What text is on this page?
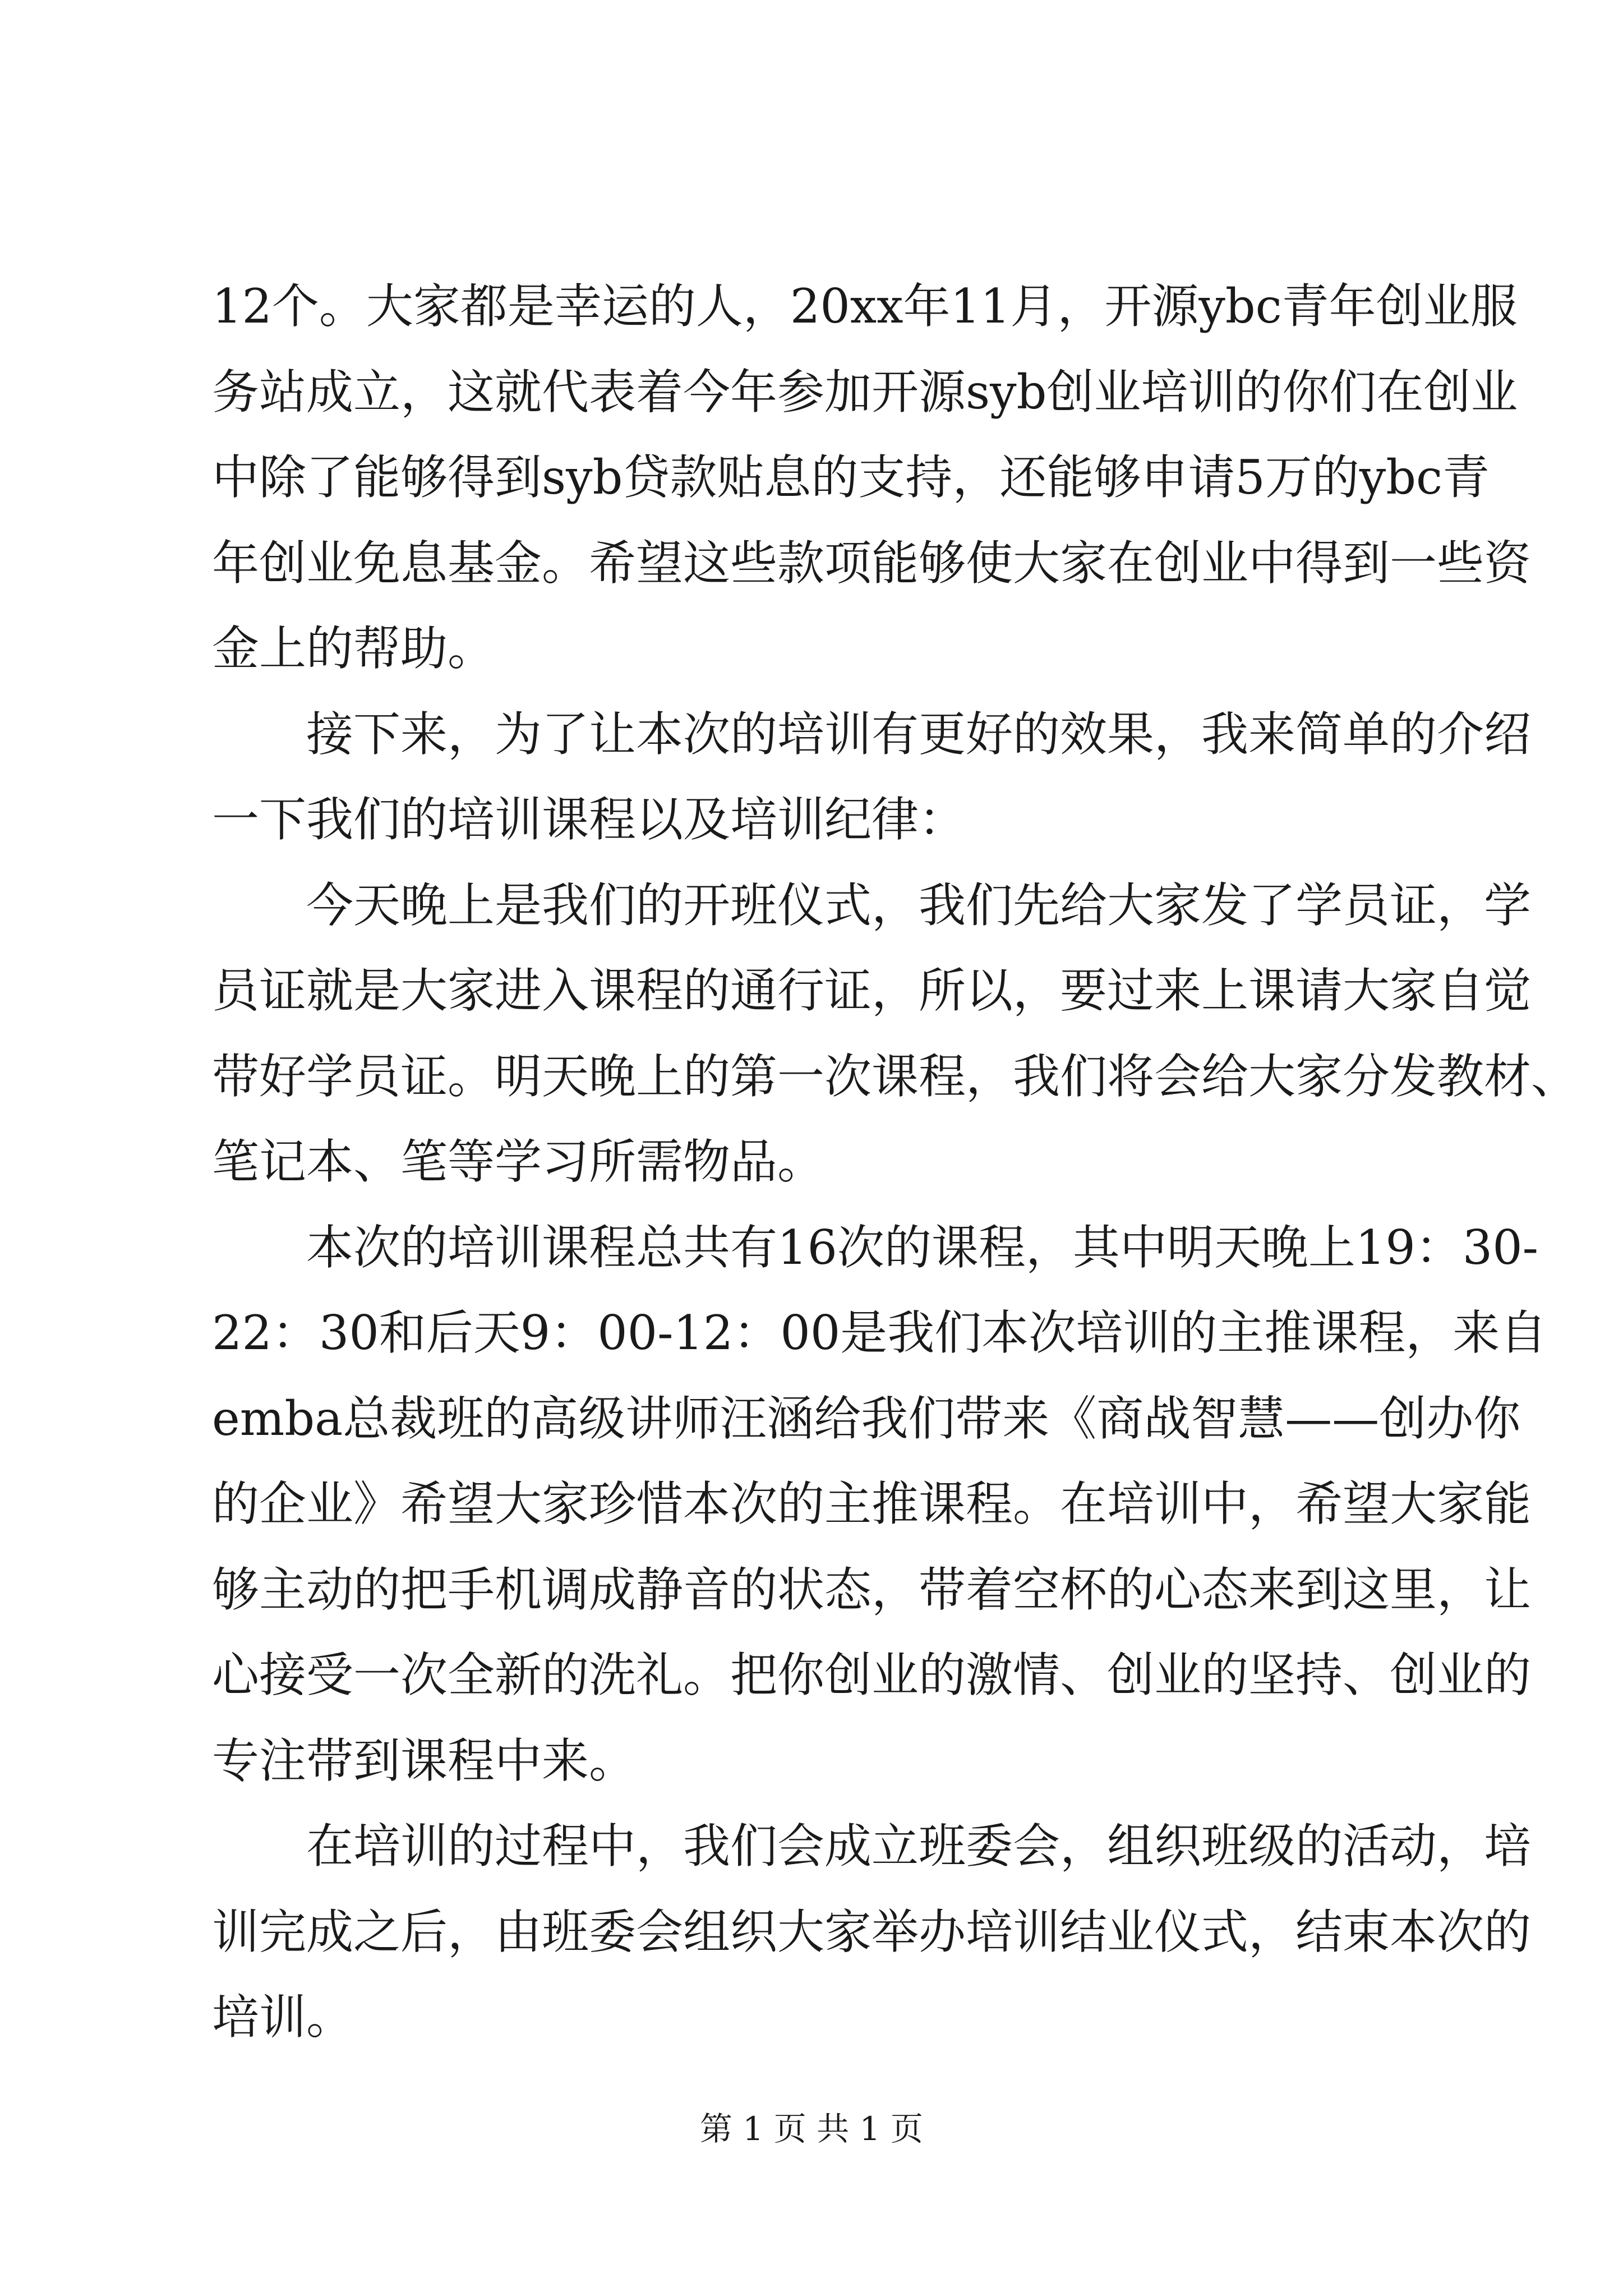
12个。大家都是幸运的人，20xx年11月，开源ybc青年创业服
务站成立，这就代表着今年参加开源syb创业培训的你们在创业
中除了能够得到syb贷款贴息的支持，还能够申请5万的ybc青
年创业免息基金。希望这些款项能够使大家在创业中得到一些资
金上的帮助。
　　接下来，为了让本次的培训有更好的效果，我来简单的介绍
一下我们的培训课程以及培训纪律：
　　今天晚上是我们的开班仪式，我们先给大家发了学员证，学
员证就是大家进入课程的通行证，所以，要过来上课请大家自觉
带好学员证。明天晚上的第一次课程，我们将会给大家分发教材、
笔记本、笔等学习所需物品。
　　本次的培训课程总共有16次的课程，其中明天晚上19：30-
22：30和后天9：00-12：00是我们本次培训的主推课程，来自
emba总裁班的高级讲师汪涵给我们带来《商战智慧——创办你
的企业》希望大家珍惜本次的主推课程。在培训中，希望大家能
够主动的把手机调成静音的状态，带着空杯的心态来到这里，让
心接受一次全新的洗礼。把你创业的激情、创业的坚持、创业的
专注带到课程中来。
　　在培训的过程中，我们会成立班委会，组织班级的活动，培
训完成之后，由班委会组织大家举办培训结业仪式，结束本次的
培训。
第 1 页 共 1 页
